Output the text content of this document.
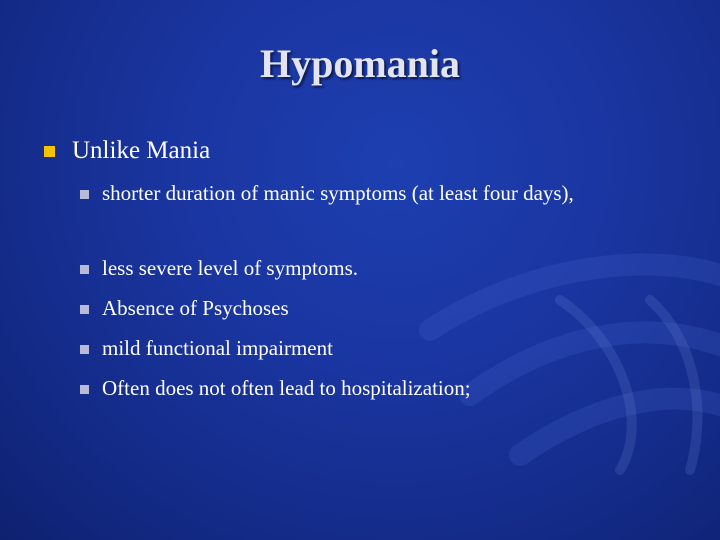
Hypomania
Unlike Mania
shorter duration of manic symptoms (at least four days),
less severe level of symptoms.
Absence of Psychoses
mild functional impairment
Often does not often lead to hospitalization;
